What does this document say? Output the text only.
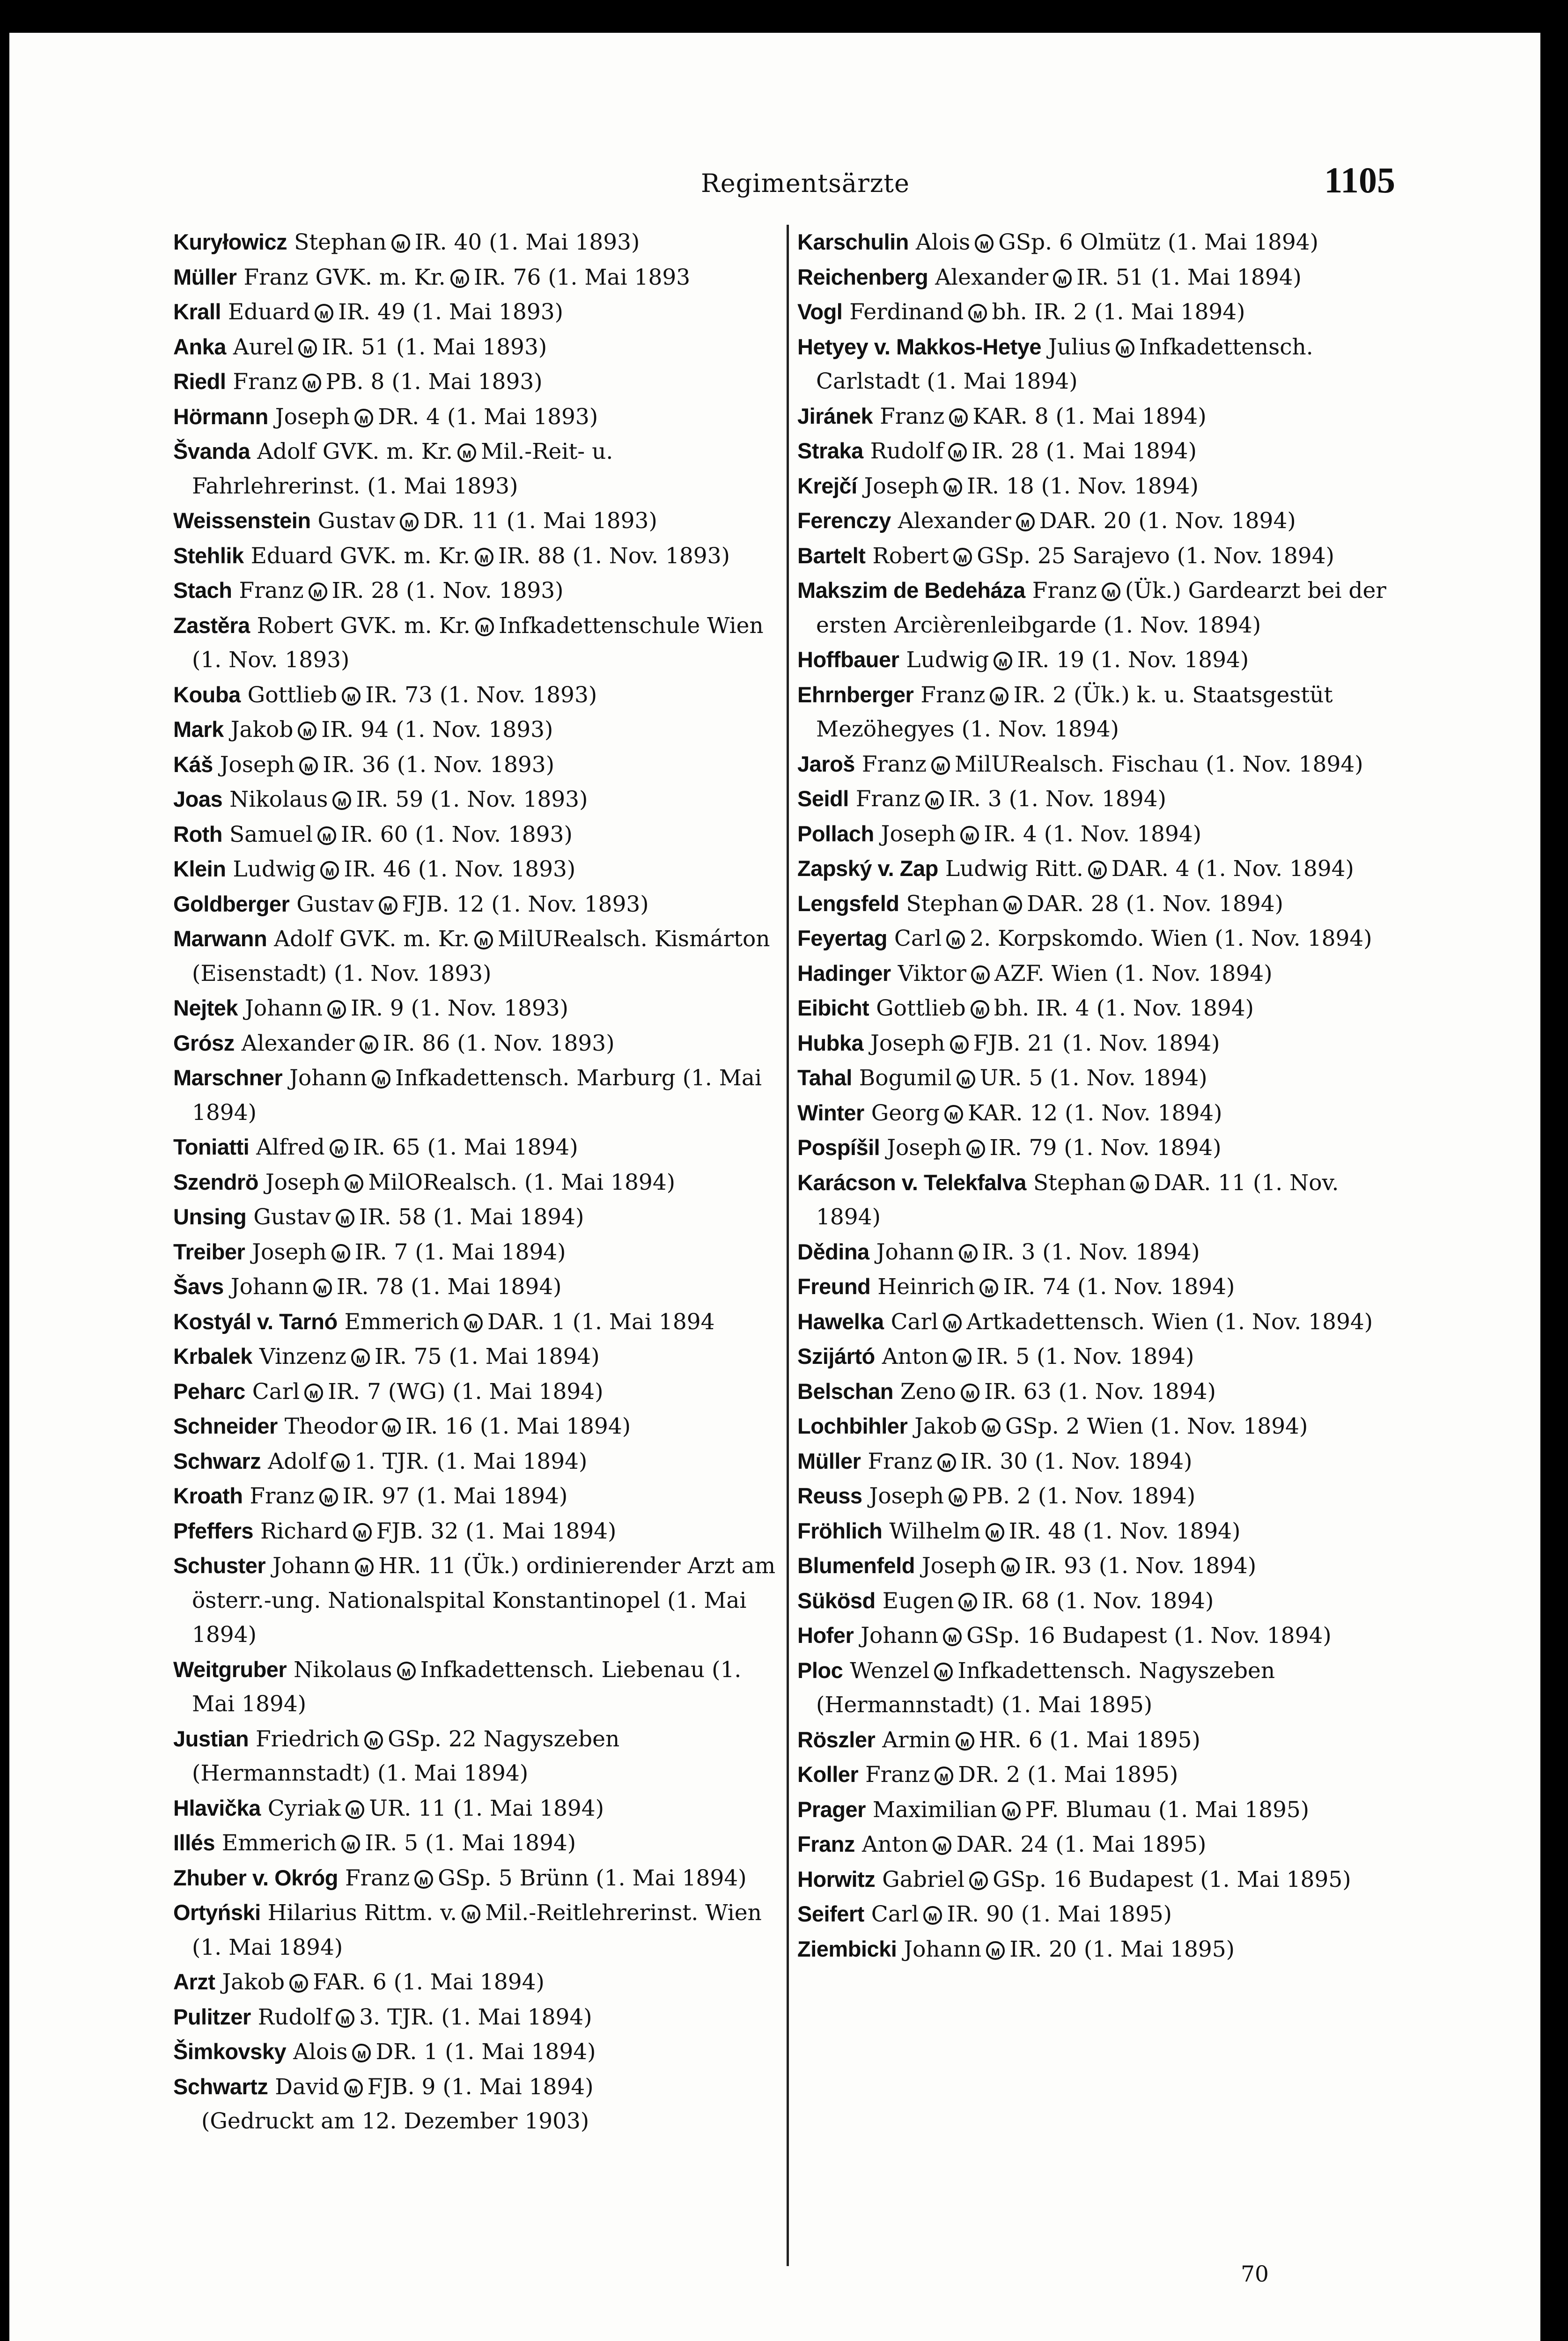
Regimentsärzte	1105
Kuryłowicz Stephan M IR. 40 (1. Mai 1893)
Müller Franz GVK. m. Kr. M IR. 76 (1. Mai 1893
Krall Eduard M IR. 49 (1. Mai 1893)
Anka Aurel M IR. 51 (1. Mai 1893)
Riedl Franz M PB. 8 (1. Mai 1893)
Hörmann Joseph M DR. 4 (1. Mai 1893)
Švanda Adolf GVK. m. Kr. M Mil.-Reit- u. Fahrlehrerinst. (1. Mai 1893)
Weissenstein Gustav M DR. 11 (1. Mai 1893)
Stehlik Eduard GVK. m. Kr. M IR. 88 (1. Nov. 1893)
Stach Franz M IR. 28 (1. Nov. 1893)
Zastěra Robert GVK. m. Kr. M Infkadettenschule Wien (1. Nov. 1893)
Kouba Gottlieb M IR. 73 (1. Nov. 1893)
Mark Jakob M IR. 94 (1. Nov. 1893)
Káš Joseph M IR. 36 (1. Nov. 1893)
Joas Nikolaus M IR. 59 (1. Nov. 1893)
Roth Samuel M IR. 60 (1. Nov. 1893)
Klein Ludwig M IR. 46 (1. Nov. 1893)
Goldberger Gustav M FJB. 12 (1. Nov. 1893)
Marwann Adolf GVK. m. Kr. M MilURealsch. Kismárton (Eisenstadt) (1. Nov. 1893)
Nejtek Johann M IR. 9 (1. Nov. 1893)
Grósz Alexander M IR. 86 (1. Nov. 1893)
Marschner Johann M Infkadettensch. Marburg (1. Mai 1894)
Toniatti Alfred M IR. 65 (1. Mai 1894)
Szendrö Joseph M MilORealsch. (1. Mai 1894)
Unsing Gustav M IR. 58 (1. Mai 1894)
Treiber Joseph M IR. 7 (1. Mai 1894)
Šavs Johann M IR. 78 (1. Mai 1894)
Kostyál v. Tarnó Emmerich M DAR. 1 (1. Mai 1894
Krbalek Vinzenz M IR. 75 (1. Mai 1894)
Peharc Carl M IR. 7 (WG) (1. Mai 1894)
Schneider Theodor M IR. 16 (1. Mai 1894)
Schwarz Adolf M 1. TJR. (1. Mai 1894)
Kroath Franz M IR. 97 (1. Mai 1894)
Pfeffers Richard M FJB. 32 (1. Mai 1894)
Schuster Johann M HR. 11 (Ük.) ordinierender Arzt am österr.-ung. Nationalspital Konstantinopel (1. Mai 1894)
Weitgruber Nikolaus M Infkadettensch. Liebenau (1. Mai 1894)
Justian Friedrich M GSp. 22 Nagyszeben (Hermannstadt) (1. Mai 1894)
Hlavička Cyriak M UR. 11 (1. Mai 1894)
Illés Emmerich M IR. 5 (1. Mai 1894)
Zhuber v. Okróg Franz M GSp. 5 Brünn (1. Mai 1894)
Ortyński Hilarius Rittm. v. M Mil.-Reitlehrerinst. Wien (1. Mai 1894)
Arzt Jakob M FAR. 6 (1. Mai 1894)
Pulitzer Rudolf M 3. TJR. (1. Mai 1894)
Šimkovsky Alois M DR. 1 (1. Mai 1894)
Schwartz David M FJB. 9 (1. Mai 1894)
(Gedruckt am 12. Dezember 1903)
Karschulin Alois M GSp. 6 Olmütz (1. Mai 1894)
Reichenberg Alexander M IR. 51 (1. Mai 1894)
Vogl Ferdinand M bh. IR. 2 (1. Mai 1894)
Hetyey v. Makkos-Hetye Julius M Infkadettensch. Carlstadt (1. Mai 1894)
Jiránek Franz M KAR. 8 (1. Mai 1894)
Straka Rudolf M IR. 28 (1. Mai 1894)
Krejčí Joseph M IR. 18 (1. Nov. 1894)
Ferenczy Alexander M DAR. 20 (1. Nov. 1894)
Bartelt Robert M GSp. 25 Sarajevo (1. Nov. 1894)
Makszim de Bedeháza Franz M (Ük.) Gardearzt bei der ersten Arcièrenleibgarde (1. Nov. 1894)
Hoffbauer Ludwig M IR. 19 (1. Nov. 1894)
Ehrnberger Franz M IR. 2 (Ük.) k. u. Staatsgestüt Mezöhegyes (1. Nov. 1894)
Jaroš Franz M MilURealsch. Fischau (1. Nov. 1894)
Seidl Franz M IR. 3 (1. Nov. 1894)
Pollach Joseph M IR. 4 (1. Nov. 1894)
Zapský v. Zap Ludwig Ritt. M DAR. 4 (1. Nov. 1894)
Lengsfeld Stephan M DAR. 28 (1. Nov. 1894)
Feyertag Carl M 2. Korpskomdo. Wien (1. Nov. 1894)
Hadinger Viktor M AZF. Wien (1. Nov. 1894)
Eibicht Gottlieb M bh. IR. 4 (1. Nov. 1894)
Hubka Joseph M FJB. 21 (1. Nov. 1894)
Tahal Bogumil M UR. 5 (1. Nov. 1894)
Winter Georg M KAR. 12 (1. Nov. 1894)
Pospíšil Joseph M IR. 79 (1. Nov. 1894)
Karácson v. Telekfalva Stephan M DAR. 11 (1. Nov. 1894)
Dědina Johann M IR. 3 (1. Nov. 1894)
Freund Heinrich M IR. 74 (1. Nov. 1894)
Hawelka Carl M Artkadettensch. Wien (1. Nov. 1894)
Szijártó Anton M IR. 5 (1. Nov. 1894)
Belschan Zeno M IR. 63 (1. Nov. 1894)
Lochbihler Jakob M GSp. 2 Wien (1. Nov. 1894)
Müller Franz M IR. 30 (1. Nov. 1894)
Reuss Joseph M PB. 2 (1. Nov. 1894)
Fröhlich Wilhelm M IR. 48 (1. Nov. 1894)
Blumenfeld Joseph M IR. 93 (1. Nov. 1894)
Sükösd Eugen M IR. 68 (1. Nov. 1894)
Hofer Johann M GSp. 16 Budapest (1. Nov. 1894)
Ploc Wenzel M Infkadettensch. Nagyszeben (Hermannstadt) (1. Mai 1895)
Röszler Armin M HR. 6 (1. Mai 1895)
Koller Franz M DR. 2 (1. Mai 1895)
Prager Maximilian M PF. Blumau (1. Mai 1895)
Franz Anton M DAR. 24 (1. Mai 1895)
Horwitz Gabriel M GSp. 16 Budapest (1. Mai 1895)
Seifert Carl M IR. 90 (1. Mai 1895)
Ziembicki Johann M IR. 20 (1. Mai 1895)
70
